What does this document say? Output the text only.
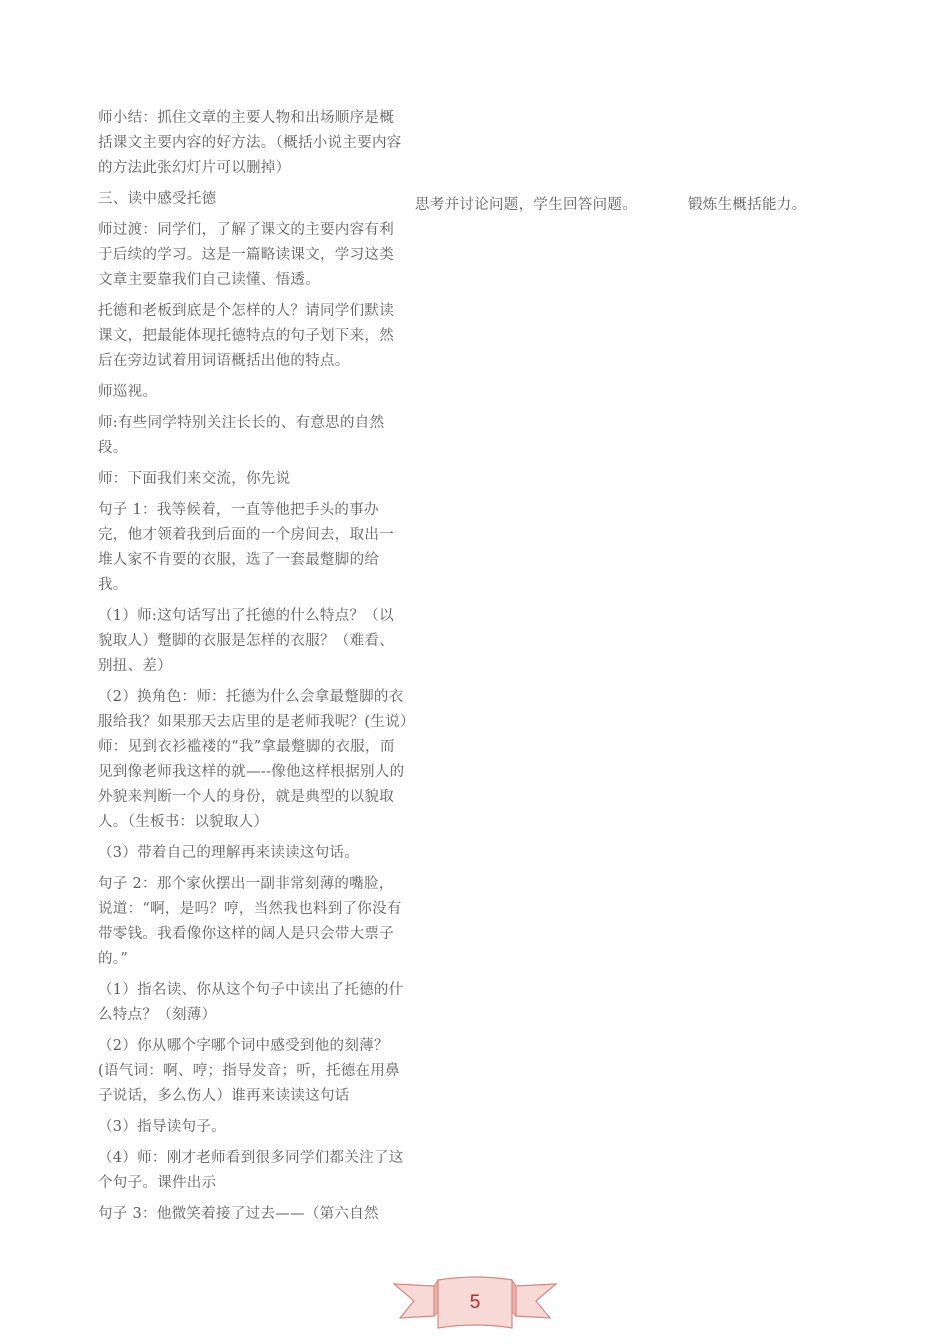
师小结：抓住文章的主要人物和出场顺序是概括课文主要内容的好方法。（概括小说主要内容的方法此张幻灯片可以删掉）

三、读中感受托德

师过渡：同学们，了解了课文的主要内容有利于后续的学习。这是一篇略读课文，学习这类文章主要靠我们自己读懂、悟透。

托德和老板到底是个怎样的人？请同学们默读课文，把最能体现托德特点的句子划下来，然后在旁边试着用词语概括出他的特点。

师巡视。

师:有些同学特别关注长长的、有意思的自然段。

师：下面我们来交流，你先说

句子 1：我等候着，一直等他把手头的事办完，他才领着我到后面的一个房间去，取出一堆人家不肯要的衣服，选了一套最蹩脚的给我。

（1）师:这句话写出了托德的什么特点？（以貌取人）蹩脚的衣服是怎样的衣服？（难看、别扭、差）

（2）换角色：师：托德为什么会拿最蹩脚的衣服给我？如果那天去店里的是老师我呢？(生说）师：见到衣衫褴褛的“我”拿最蹩脚的衣服，而见到像老师我这样的就—--像他这样根据别人的外貌来判断一个人的身份，就是典型的以貌取人。（生板书：以貌取人）

（3）带着自己的理解再来读读这句话。

句子 2：那个家伙摆出一副非常刻薄的嘴脸，说道：“啊，是吗？哼，当然我也料到了你没有带零钱。我看像你这样的阔人是只会带大票子的。”

（1）指名读、你从这个句子中读出了托德的什么特点？（刻薄）

（2）你从哪个字哪个词中感受到他的刻薄？(语气词：啊、哼；指导发音；听，托德在用鼻子说话，多么伤人）谁再来读读这句话

（3）指导读句子。

（4）师：刚才老师看到很多同学们都关注了这个句子。课件出示

句子 3：他微笑着接了过去——（第六自然

思考并讨论问题，学生回答问题。	锻炼生概括能力。
5
